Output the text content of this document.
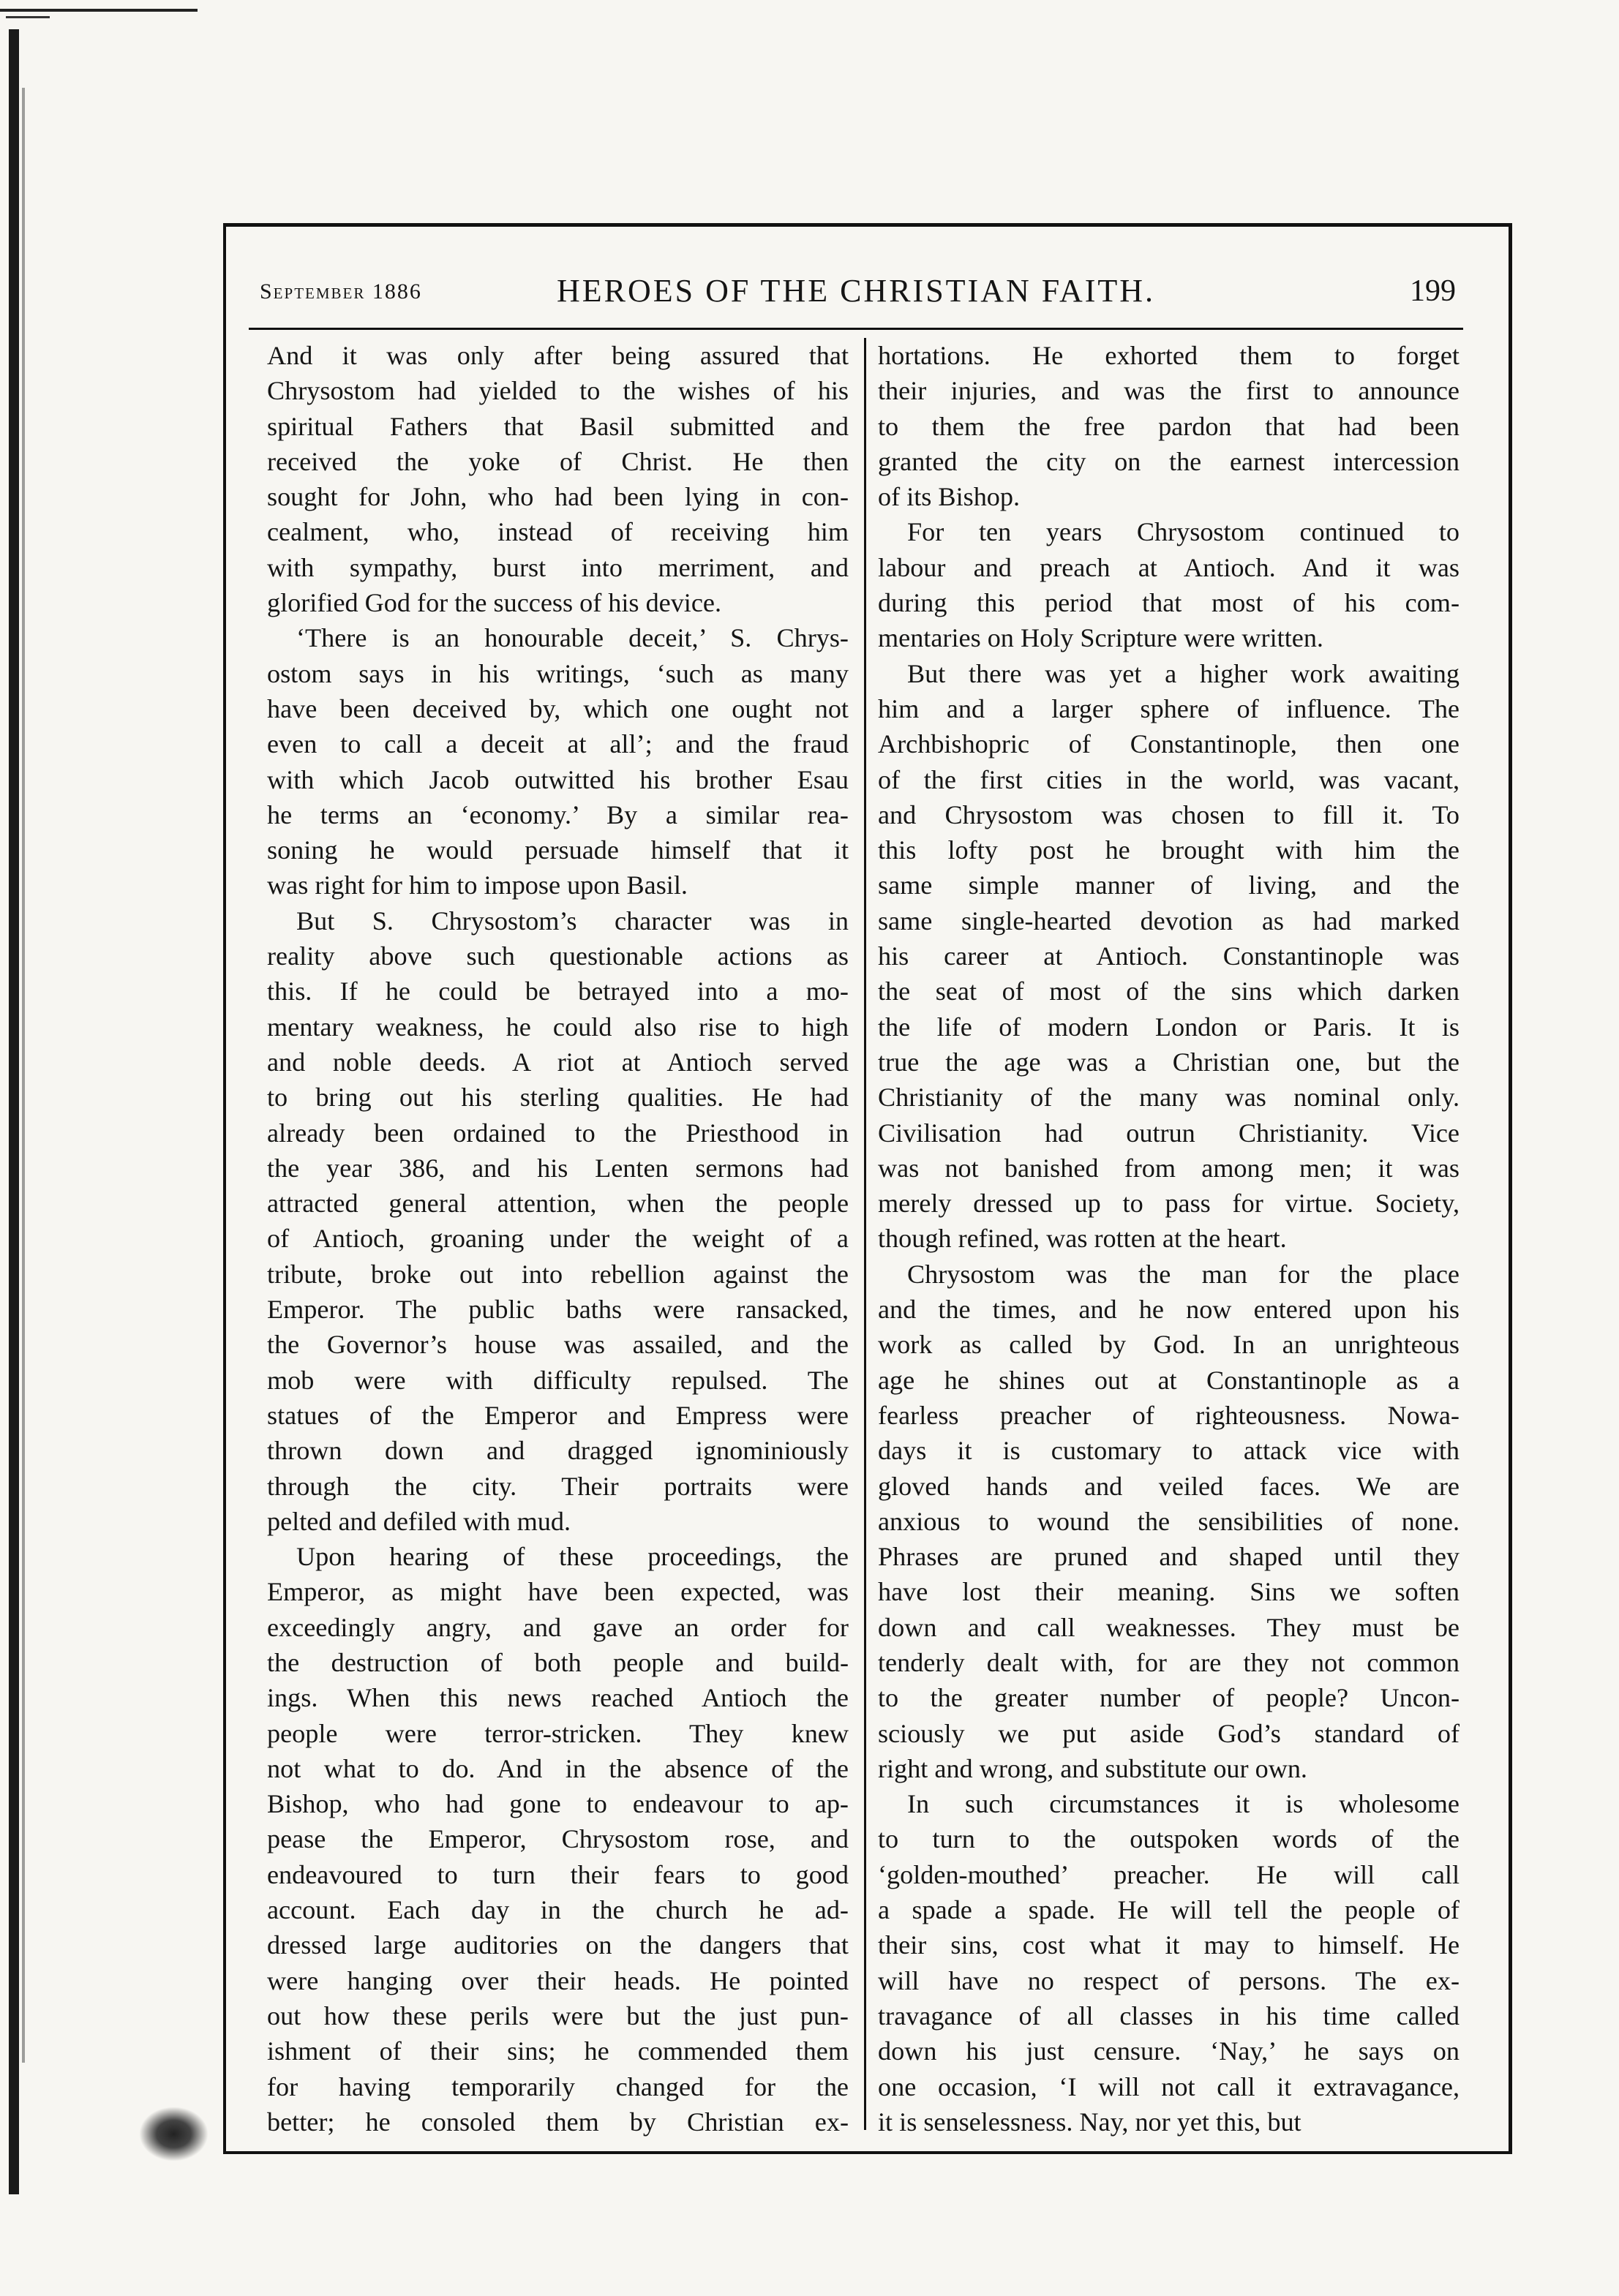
September 1886	HEROES OF THE CHRISTIAN FAITH.	199

And it was only after being assured that
Chrysostom had yielded to the wishes of his
spiritual Fathers that Basil submitted and
received the yoke of Christ. He then
sought for John, who had been lying in con-
cealment, who, instead of receiving him
with sympathy, burst into merriment, and
glorified God for the success of his device.

‘There is an honourable deceit,’ S. Chrys-
ostom says in his writings, ‘such as many
have been deceived by, which one ought not
even to call a deceit at all’; and the fraud
with which Jacob outwitted his brother Esau
he terms an ‘economy.’ By a similar rea-
soning he would persuade himself that it
was right for him to impose upon Basil.

But S. Chrysostom’s character was in
reality above such questionable actions as
this. If he could be betrayed into a mo-
mentary weakness, he could also rise to high
and noble deeds. A riot at Antioch served
to bring out his sterling qualities. He had
already been ordained to the Priesthood in
the year 386, and his Lenten sermons had
attracted general attention, when the people
of Antioch, groaning under the weight of a
tribute, broke out into rebellion against the
Emperor. The public baths were ransacked,
the Governor’s house was assailed, and the
mob were with difficulty repulsed. The
statues of the Emperor and Empress were
thrown down and dragged ignominiously
through the city. Their portraits were
pelted and defiled with mud.

Upon hearing of these proceedings, the
Emperor, as might have been expected, was
exceedingly angry, and gave an order for
the destruction of both people and build-
ings. When this news reached Antioch the
people were terror-stricken. They knew
not what to do. And in the absence of the
Bishop, who had gone to endeavour to ap-
pease the Emperor, Chrysostom rose, and
endeavoured to turn their fears to good
account. Each day in the church he ad-
dressed large auditories on the dangers that
were hanging over their heads. He pointed
out how these perils were but the just pun-
ishment of their sins; he commended them
for having temporarily changed for the
better; he consoled them by Christian ex-

hortations. He exhorted them to forget
their injuries, and was the first to announce
to them the free pardon that had been
granted the city on the earnest intercession
of its Bishop.

For ten years Chrysostom continued to
labour and preach at Antioch. And it was
during this period that most of his com-
mentaries on Holy Scripture were written.

But there was yet a higher work awaiting
him and a larger sphere of influence. The
Archbishopric of Constantinople, then one
of the first cities in the world, was vacant,
and Chrysostom was chosen to fill it. To
this lofty post he brought with him the
same simple manner of living, and the
same single-hearted devotion as had marked
his career at Antioch. Constantinople was
the seat of most of the sins which darken
the life of modern London or Paris. It is
true the age was a Christian one, but the
Christianity of the many was nominal only.
Civilisation had outrun Christianity. Vice
was not banished from among men; it was
merely dressed up to pass for virtue. Society,
though refined, was rotten at the heart.

Chrysostom was the man for the place
and the times, and he now entered upon his
work as called by God. In an unrighteous
age he shines out at Constantinople as a
fearless preacher of righteousness. Nowa-
days it is customary to attack vice with
gloved hands and veiled faces. We are
anxious to wound the sensibilities of none.
Phrases are pruned and shaped until they
have lost their meaning. Sins we soften
down and call weaknesses. They must be
tenderly dealt with, for are they not common
to the greater number of people? Uncon-
sciously we put aside God’s standard of
right and wrong, and substitute our own.

In such circumstances it is wholesome
to turn to the outspoken words of the
‘golden-mouthed’ preacher. He will call
a spade a spade. He will tell the people of
their sins, cost what it may to himself. He
will have no respect of persons. The ex-
travagance of all classes in his time called
down his just censure. ‘Nay,’ he says on
one occasion, ‘I will not call it extravagance,
it is senselessness. Nay, nor yet this, but
